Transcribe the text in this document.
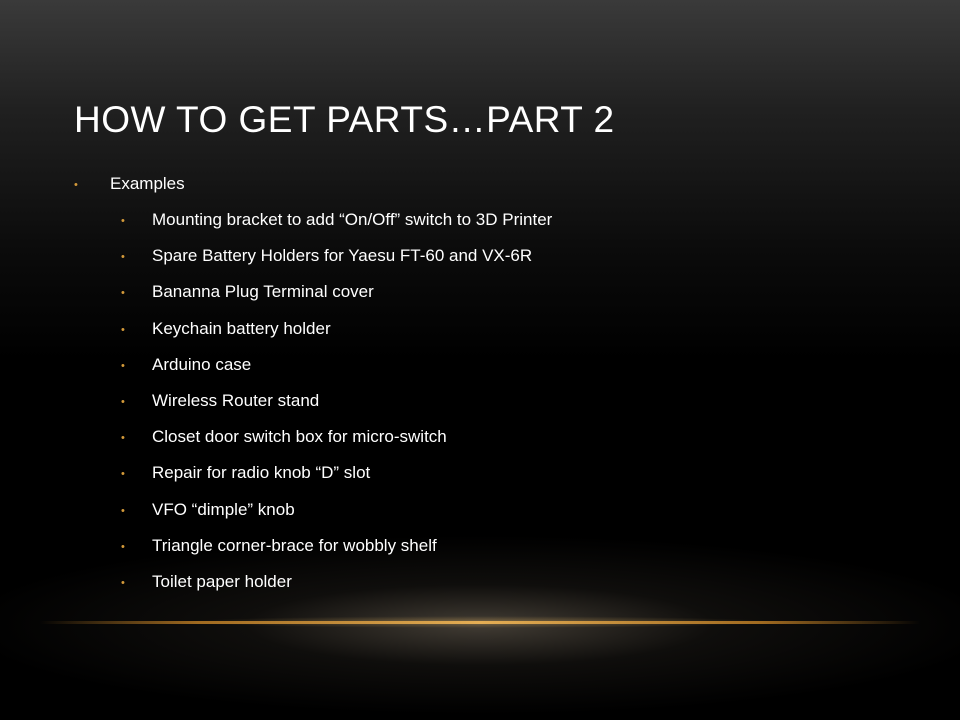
HOW TO GET PARTS…PART 2
• Examples
• Mounting bracket to add “On/Off” switch to 3D Printer
• Spare Battery Holders for Yaesu FT-60 and VX-6R
• Bananna Plug Terminal cover
• Keychain battery holder
• Arduino case
• Wireless Router stand
• Closet door switch box for micro-switch
• Repair for radio knob “D” slot
• VFO “dimple” knob
• Triangle corner-brace for wobbly shelf
• Toilet paper holder
